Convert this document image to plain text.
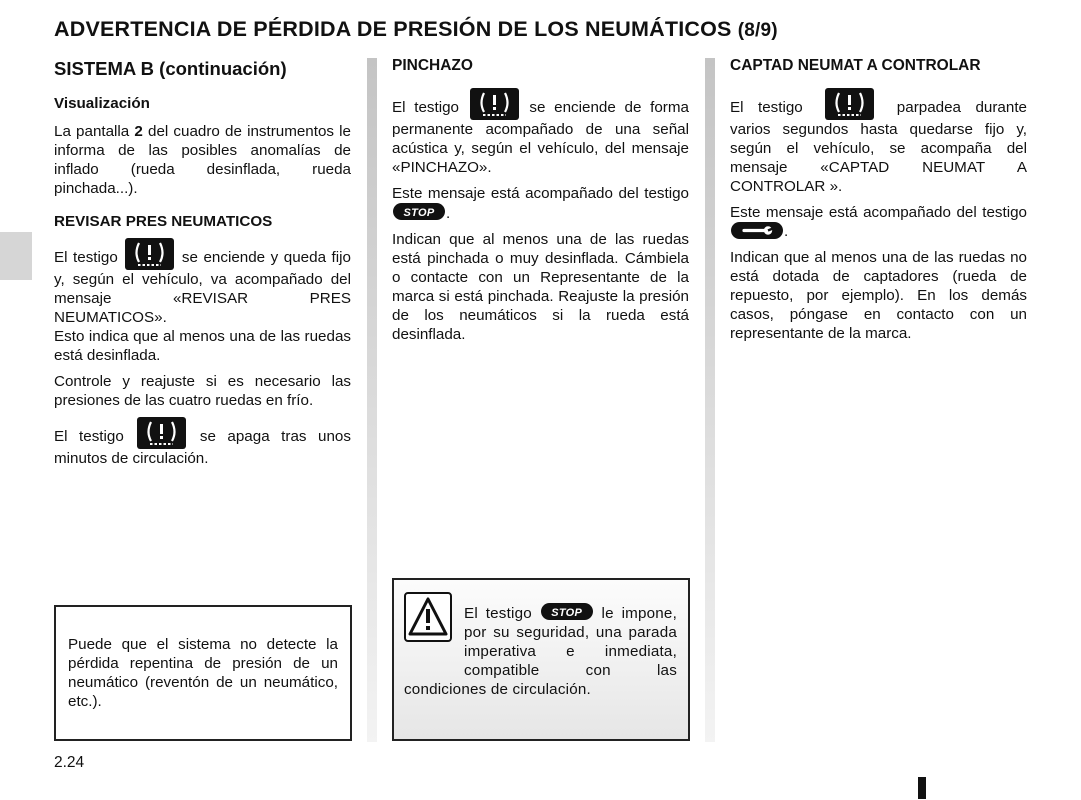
ADVERTENCIA DE PÉRDIDA DE PRESIÓN DE LOS NEUMÁTICOS (8/9)
SISTEMA B (continuación)
Visualización

La pantalla 2 del cuadro de instrumentos le informa de las posibles anomalías de inflado (rueda desinflada, rueda pinchada...).

REVISAR PRES NEUMATICOS

El testigo	se enciende y queda fijo y, según el vehículo, va acompañado del mensaje «REVISAR PRES NEUMATICOS».

Esto indica que al menos una de las ruedas está desinflada.

Controle y reajuste si es necesario las presiones de las cuatro ruedas en frío.

El testigo	se apaga tras unos minutos de circulación.

Puede que el sistema no detecte la pérdida repentina de presión de un neumático (reventón de un neumático, etc.).
PINCHAZO

El testigo	se enciende de forma permanente acompañado de una señal acústica y, según el vehículo, del mensaje «PINCHAZO».

Este mensaje está acompañado del testigo
STOP .

Indican que al menos una de las ruedas está pinchada o muy desinflada. Cámbiela o contacte con un Representante de la marca si está pinchada. Reajuste la presión de los neumáticos si la rueda está desinflada.

El testigo	STOP	le impone, por su seguridad, una parada imperativa e inmediata, compatible con las condiciones de circulación.
CAPTAD NEUMAT A CONTROLAR

El testigo	parpadea durante varios segundos hasta quedarse fijo y, según el vehículo, se acompaña del mensaje «CAPTAD NEUMAT A CONTROLAR ».

Este mensaje está acompañado del testigo
.

Indican que al menos una de las ruedas no está dotada de captadores (rueda de repuesto, por ejemplo). En los demás casos, póngase en contacto con un representante de la marca.

2.24
